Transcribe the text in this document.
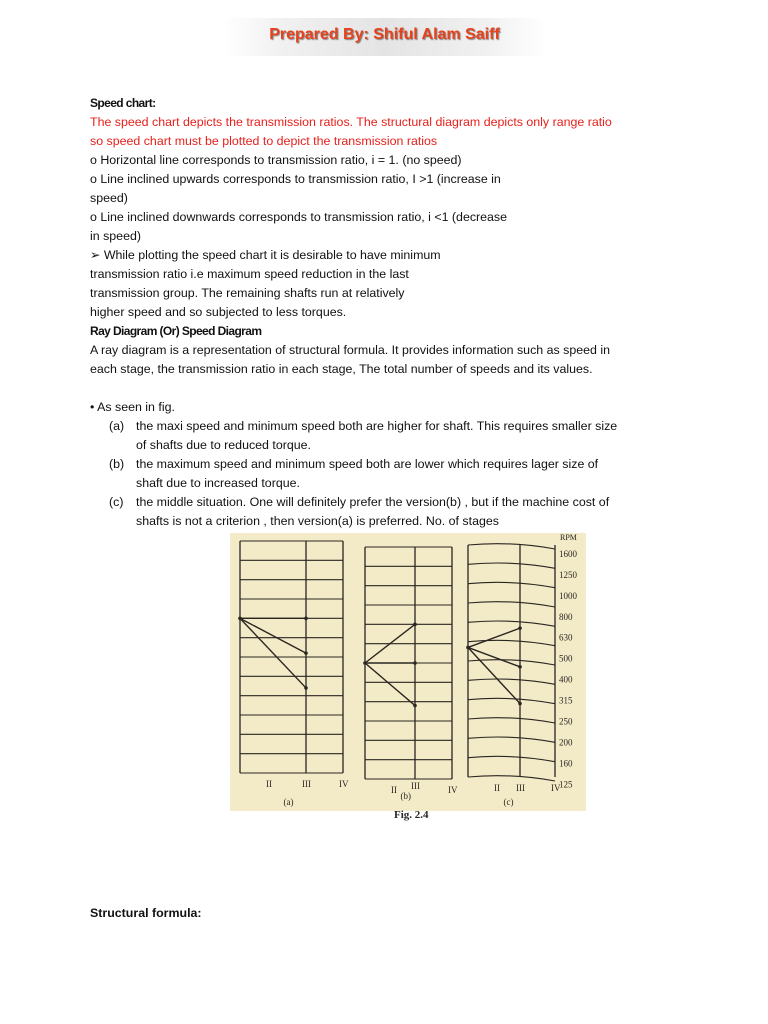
Prepared By: Shiful Alam Saiff

Speed chart:

The speed chart depicts the transmission ratios. The structural diagram depicts only range ratio

so speed chart must be plotted to depict the transmission ratios

o Horizontal line corresponds to transmission ratio, i = 1. (no speed)

o Line inclined upwards corresponds to transmission ratio, I >1 (increase in

speed)

o Line inclined downwards corresponds to transmission ratio, i <1 (decrease

in speed)

➢ While plotting the speed chart it is desirable to have minimum

transmission ratio i.e maximum speed reduction in the last

transmission group. The remaining shafts run at relatively

higher speed and so subjected to less torques.

Ray Diagram (Or) Speed Diagram

A ray diagram is a representation of structural formula. It provides information such as speed in

each stage, the transmission ratio in each stage, The total number of speeds and its values.

• As seen in fig.

(a) the maxi speed and minimum speed both are higher for shaft. This requires smaller size
of shafts due to reduced torque.
(b) the maximum speed and minimum speed both are lower which requires lager size of
shaft due to increased torque.
(c) the middle situation. One will definitely prefer the version(b) , but if the machine cost of
shafts is not a criterion , then version(a) is preferred. No. of stages
RPM
1600
1250
1000
800
630
500
400
315
250
200
160
125
II	III	IV
(a)
II III	IV
(b)
II III	IV
(c)
Fig. 2.4
Structural formula:
